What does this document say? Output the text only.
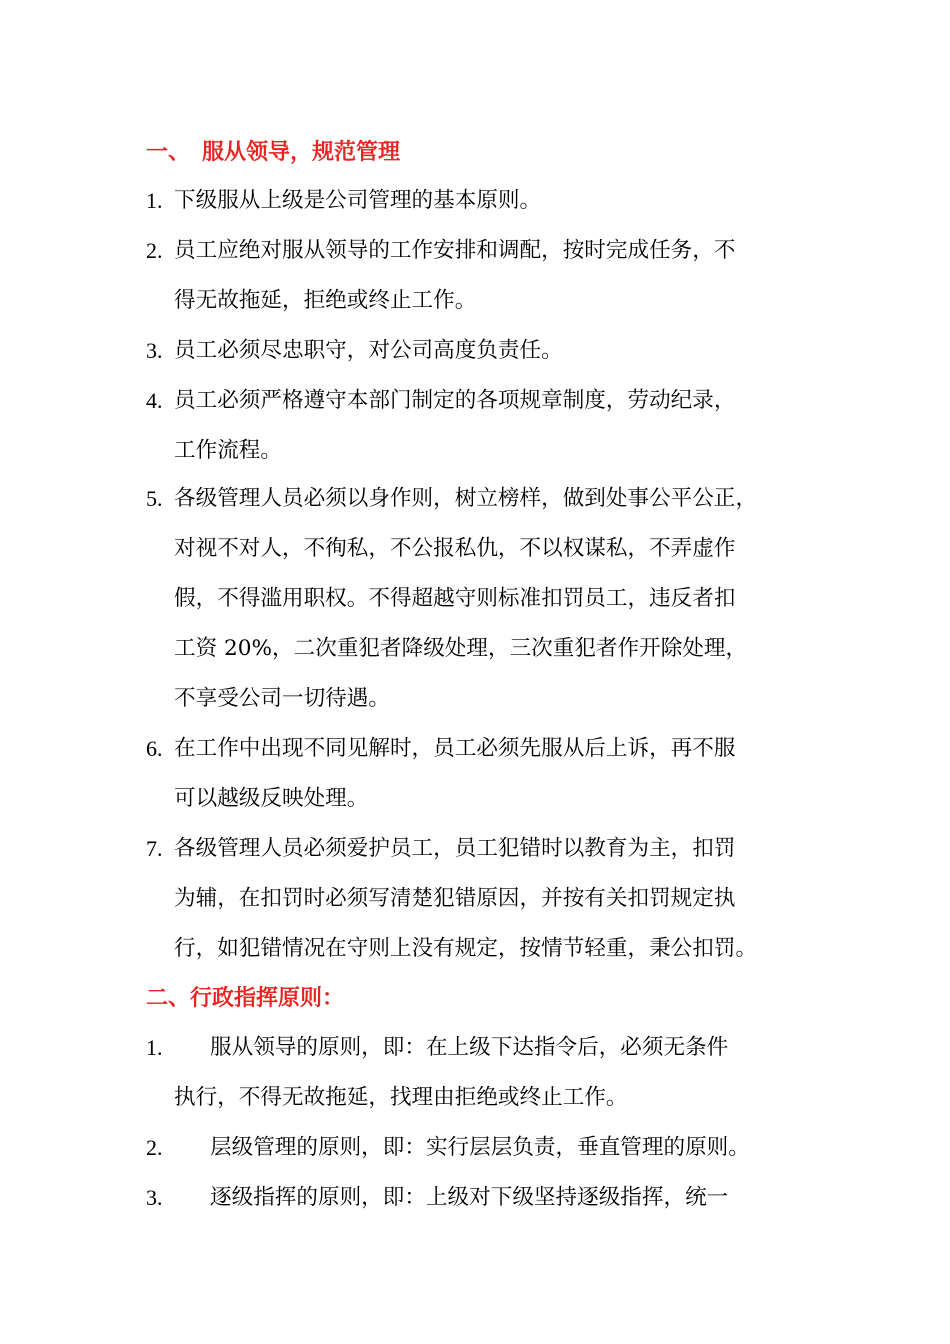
一、 服从领导，规范管理
1. 下级服从上级是公司管理的基本原则。
2. 员工应绝对服从领导的工作安排和调配，按时完成任务，不
得无故拖延，拒绝或终止工作。
3. 员工必须尽忠职守，对公司高度负责任。
4. 员工必须严格遵守本部门制定的各项规章制度，劳动纪录，
工作流程。
5. 各级管理人员必须以身作则，树立榜样，做到处事公平公正，
对视不对人，不徇私，不公报私仇，不以权谋私，不弄虚作
假，不得滥用职权。不得超越守则标准扣罚员工，违反者扣
工资 20%，二次重犯者降级处理，三次重犯者作开除处理，
不享受公司一切待遇。
6. 在工作中出现不同见解时，员工必须先服从后上诉，再不服
可以越级反映处理。
7. 各级管理人员必须爱护员工，员工犯错时以教育为主，扣罚
为辅，在扣罚时必须写清楚犯错原因，并按有关扣罚规定执
行，如犯错情况在守则上没有规定，按情节轻重，秉公扣罚。
二、行政指挥原则：
1. 服从领导的原则，即：在上级下达指令后，必须无条件
执行，不得无故拖延，找理由拒绝或终止工作。
2. 层级管理的原则，即：实行层层负责，垂直管理的原则。
3. 逐级指挥的原则，即：上级对下级坚持逐级指挥，统一
